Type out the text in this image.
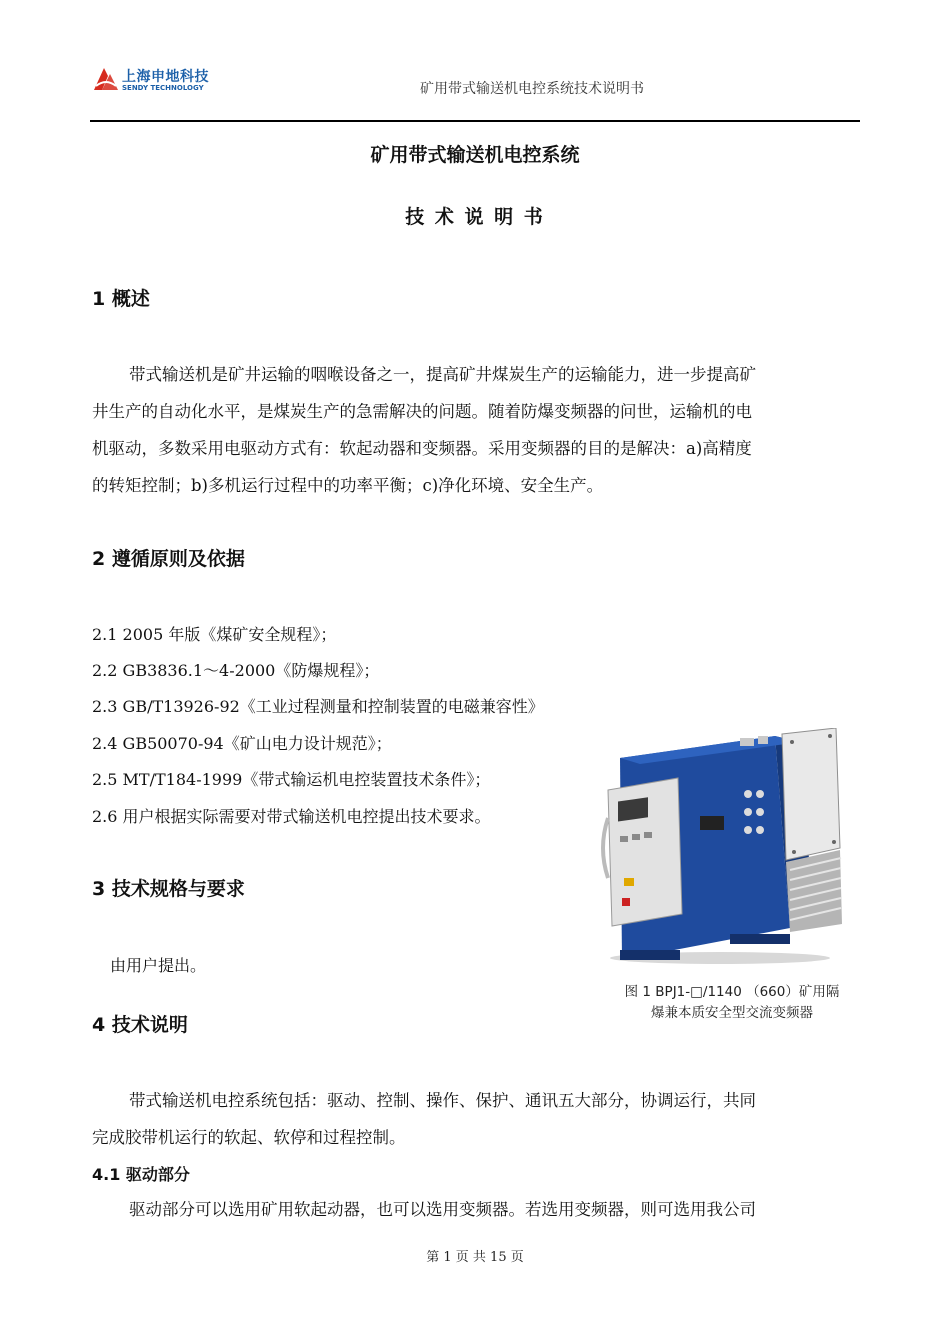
上海申地科技
SENDY TECHNOLOGY	矿用带式输送机电控系统技术说明书
矿用带式输送机电控系统
技 术 说 明 书
1 概述
带式输送机是矿井运输的咽喉设备之一，提高矿井煤炭生产的运输能力，进一步提高矿
井生产的自动化水平，是煤炭生产的急需解决的问题。随着防爆变频器的问世，运输机的电
机驱动，多数采用电驱动方式有：软起动器和变频器。采用变频器的目的是解决：a)高精度
的转矩控制；b)多机运行过程中的功率平衡；c)净化环境、安全生产。
2 遵循原则及依据
2.1 2005 年版《煤矿安全规程》；
2.2 GB3836.1～4-2000《防爆规程》；
2.3 GB/T13926-92《工业过程测量和控制装置的电磁兼容性》
2.4 GB50070-94《矿山电力设计规范》；
2.5 MT/T184-1999《带式输运机电控装置技术条件》；
2.6 用户根据实际需要对带式输送机电控提出技术要求。
3 技术规格与要求
由用户提出。
4 技术说明
带式输送机电控系统包括：驱动、控制、操作、保护、通讯五大部分，协调运行，共同
完成胶带机运行的软起、软停和过程控制。
4.1 驱动部分
驱动部分可以选用矿用软起动器，也可以选用变频器。若选用变频器，则可选用我公司
图 1 BPJ1-□/1140 （660）矿用隔
爆兼本质安全型交流变频器
第 1 页 共 15 页
